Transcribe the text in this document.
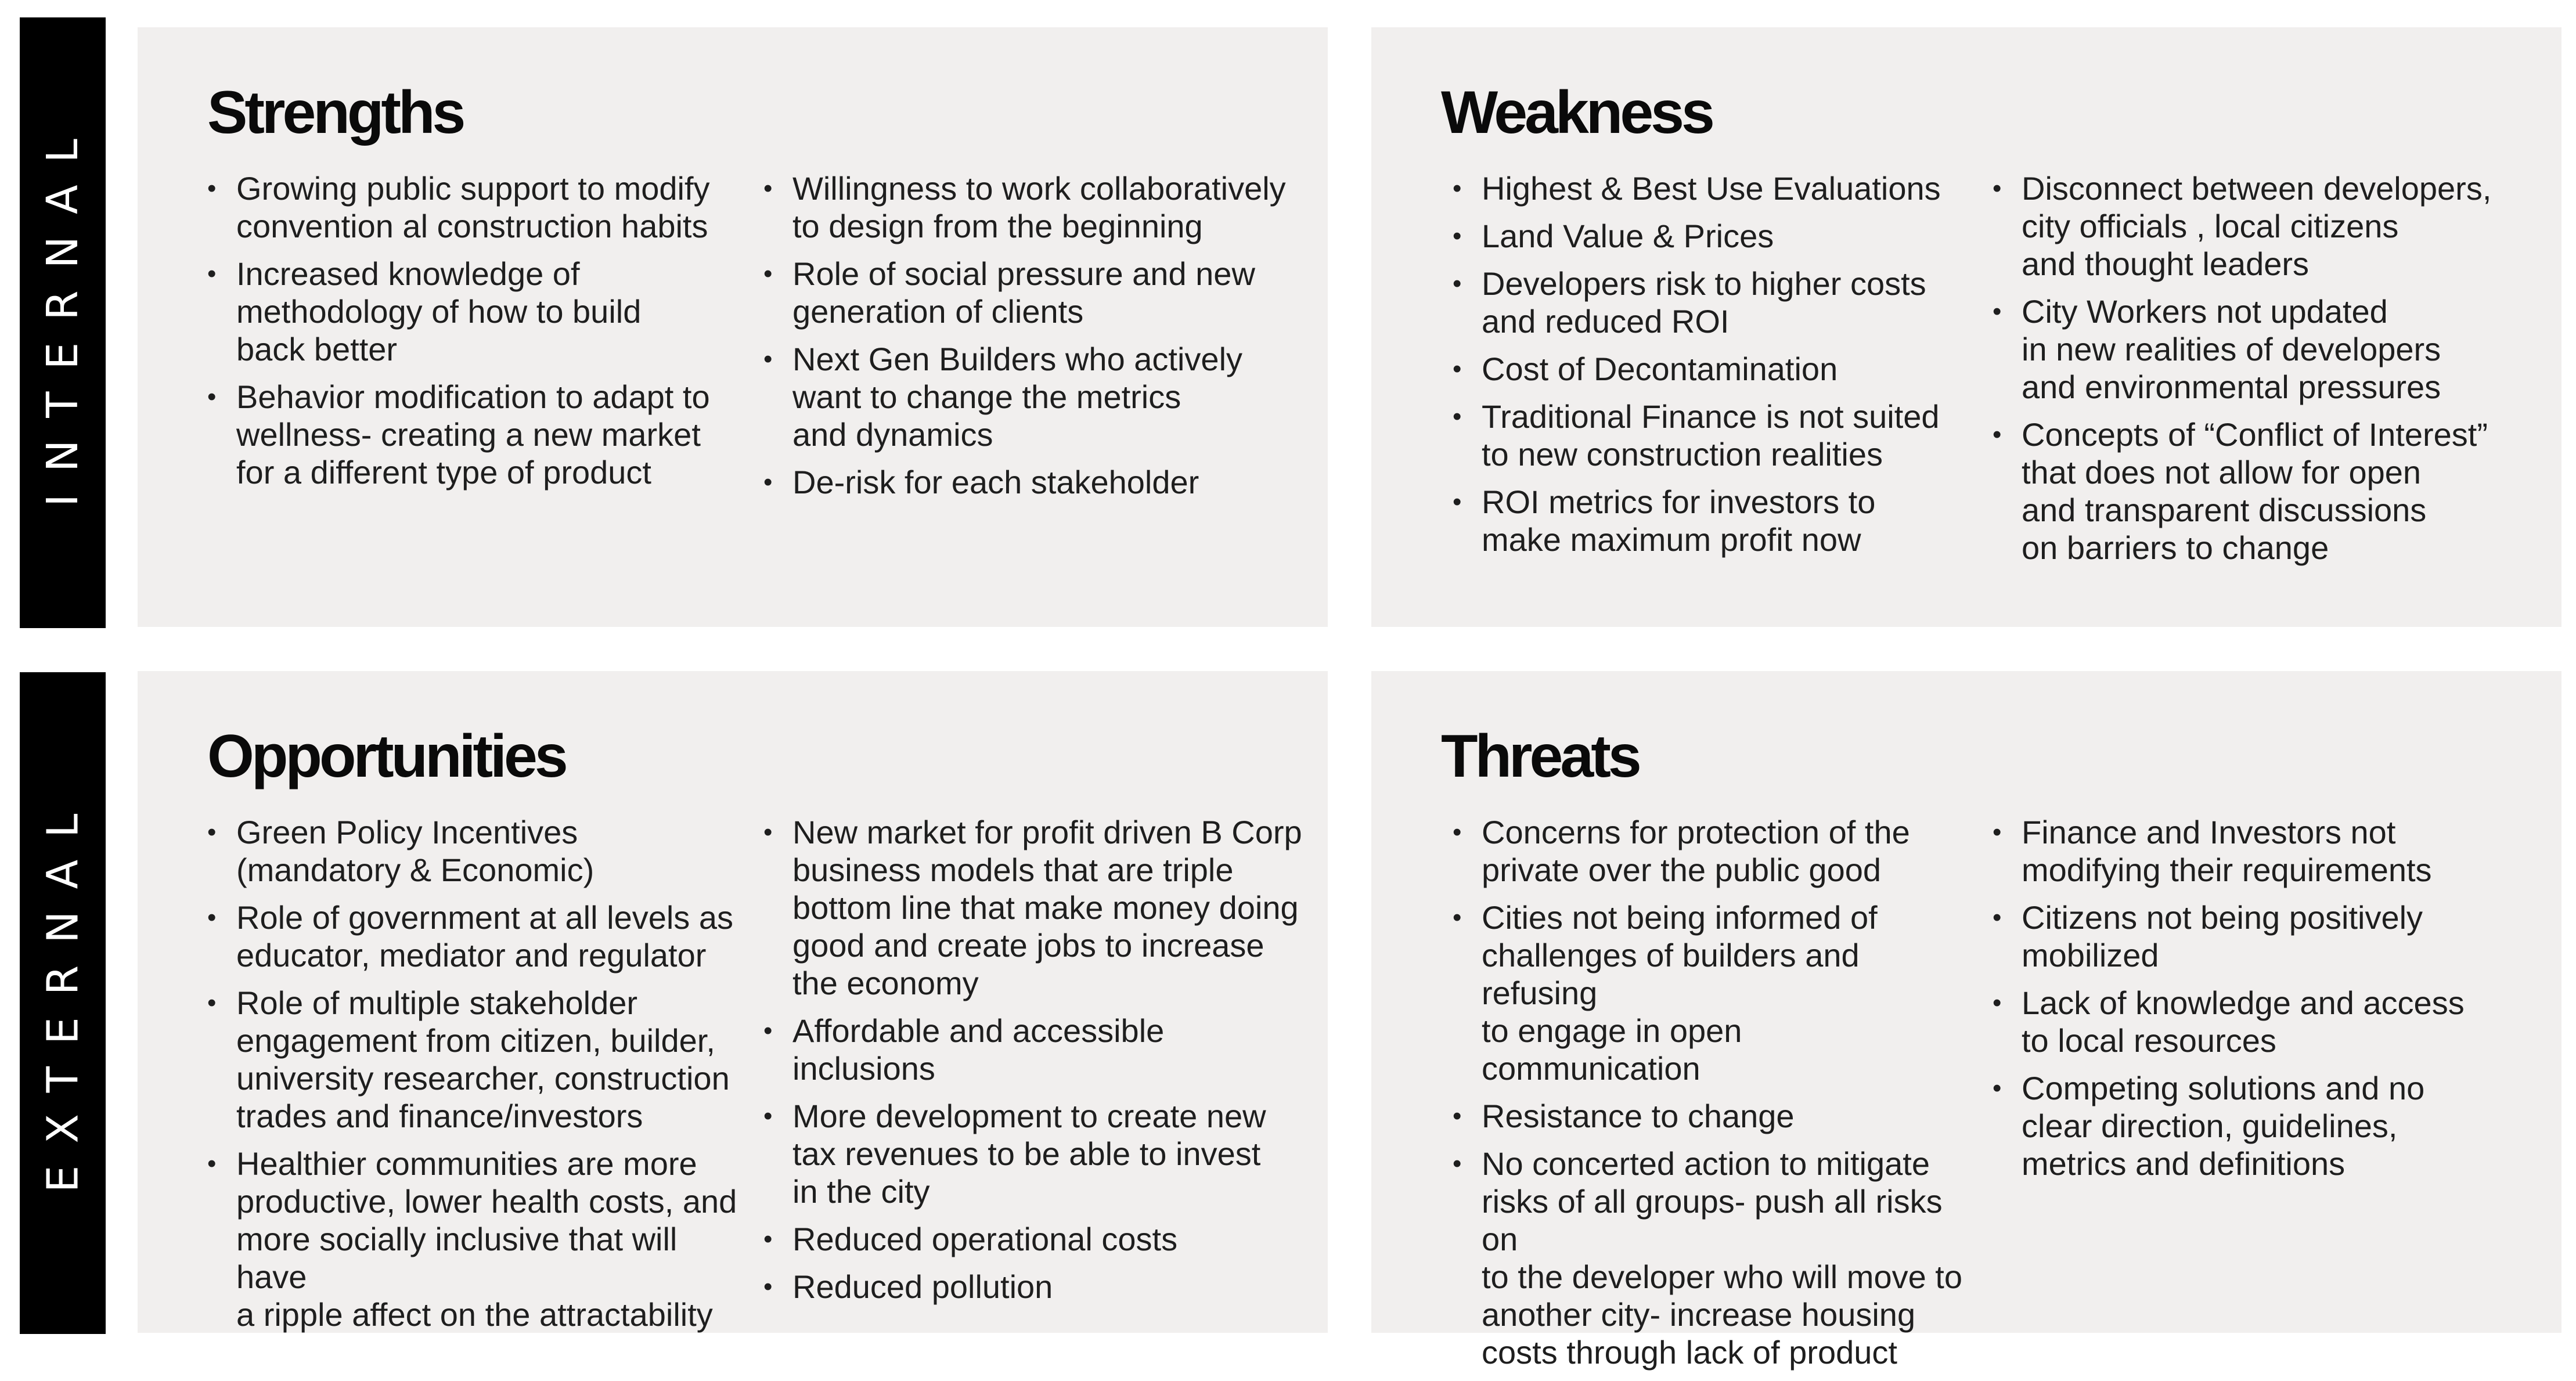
INTERNAL
EXTERNAL
Strengths
• Growing public support to modify
convention al construction habits
• Increased knowledge of
methodology of how to build
back better
• Behavior modification to adapt to
wellness- creating a new market
for a different type of product
• Willingness to work collaboratively
to design from the beginning
• Role of social pressure and new
generation of clients
• Next Gen Builders who actively
want to change the metrics
and dynamics
• De-risk for each stakeholder
Weakness
• Highest & Best Use Evaluations
• Land Value & Prices
• Developers risk to higher costs
and reduced ROI
• Cost of Decontamination
• Traditional Finance is not suited
to new construction realities
• ROI metrics for investors to
make maximum profit now
• Disconnect between developers,
city officials , local citizens
and thought leaders
• City Workers not updated
in new realities of developers
and environmental pressures
• Concepts of “Conflict of Interest”
that does not allow for open
and transparent discussions
on barriers to change
Opportunities
• Green Policy Incentives
(mandatory & Economic)
• Role of government at all levels as
educator, mediator and regulator
• Role of multiple stakeholder
engagement from citizen, builder,
university researcher, construction
trades and finance/investors
• Healthier communities are more
productive, lower health costs, and
more socially inclusive that will have
a ripple affect on the attractability
• New market for profit driven B Corp
business models that are triple
bottom line that make money doing
good and create jobs to increase
the economy
• Affordable and accessible inclusions
• More development to create new
tax revenues to be able to invest
in the city
• Reduced operational costs
• Reduced pollution
Threats
• Concerns for protection of the
private over the public good
• Cities not being informed of
challenges of builders and refusing
to engage in open communication
• Resistance to change
• No concerted action to mitigate
risks of all groups- push all risks on
to the developer who will move to
another city- increase housing
costs through lack of product
• Finance and Investors not
modifying their requirements
• Citizens not being positively
mobilized
• Lack of knowledge and access
to local resources
• Competing solutions and no
clear direction, guidelines,
metrics and definitions
